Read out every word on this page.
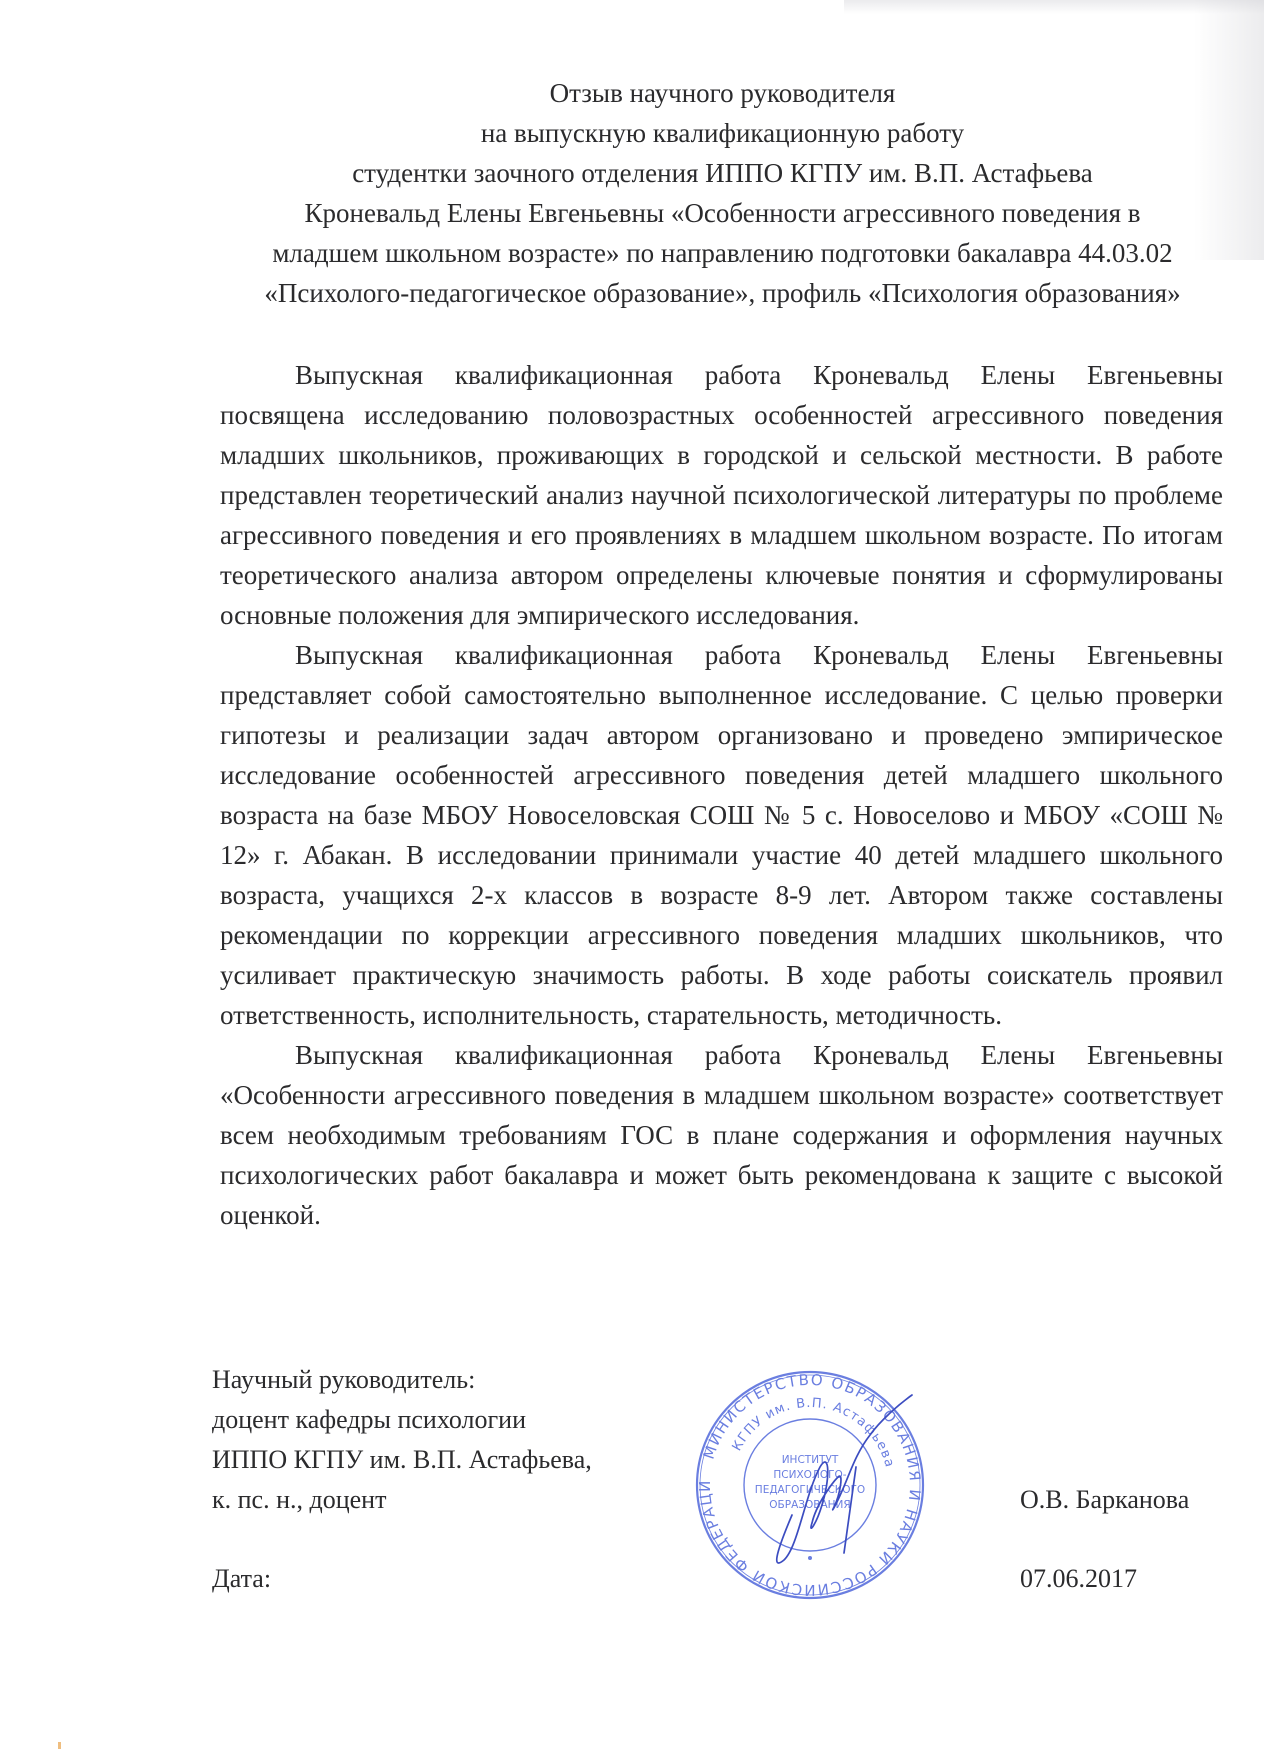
Отзыв научного руководителя
на выпускную квалификационную работу
студентки заочного отделения ИППО КГПУ им. В.П. Астафьева
Кроневальд Елены Евгеньевны «Особенности агрессивного поведения в
младшем школьном возрасте» по направлению подготовки бакалавра 44.03.02
«Психолого-педагогическое образование», профиль «Психология образования»

Выпускная квалификационная работа Кроневальд Елены Евгеньевны посвящена исследованию половозрастных особенностей агрессивного поведения младших школьников, проживающих в городской и сельской местности. В работе представлен теоретический анализ научной психологической литературы по проблеме агрессивного поведения и его проявлениях в младшем школьном возрасте. По итогам теоретического анализа автором определены ключевые понятия и сформулированы основные положения для эмпирического исследования.

Выпускная квалификационная работа Кроневальд Елены Евгеньевны представляет собой самостоятельно выполненное исследование. С целью проверки гипотезы и реализации задач автором организовано и проведено эмпирическое исследование особенностей агрессивного поведения детей младшего школьного возраста на базе МБОУ Новоселовская СОШ № 5 с. Новоселово и МБОУ «СОШ № 12» г. Абакан. В исследовании принимали участие 40 детей младшего школьного возраста, учащихся 2-х классов в возрасте 8-9 лет. Автором также составлены рекомендации по коррекции агрессивного поведения младших школьников, что усиливает практическую значимость работы. В ходе работы соискатель проявил ответственность, исполнительность, старательность, методичность.

Выпускная квалификационная работа Кроневальд Елены Евгеньевны «Особенности агрессивного поведения в младшем школьном возрасте» соответствует всем необходимым требованиям ГОС в плане содержания и оформления научных психологических работ бакалавра и может быть рекомендована к защите с высокой оценкой.

Научный руководитель:
доцент кафедры психологии
ИППО КГПУ им. В.П. Астафьева,
к. пс. н., доцент	О.В. Барканова
Дата:	07.06.2017
МИНИСТЕРСТВО ОБРАЗОВАНИЯ И НАУКИ РОССИЙСКОЙ ФЕДЕРАЦИИ •
КГПУ им. В.П. Астафьева
ИНСТИТУТ
ПСИХОЛОГО-
ПЕДАГОГИЧЕСКОГО
ОБРАЗОВАНИЯ
